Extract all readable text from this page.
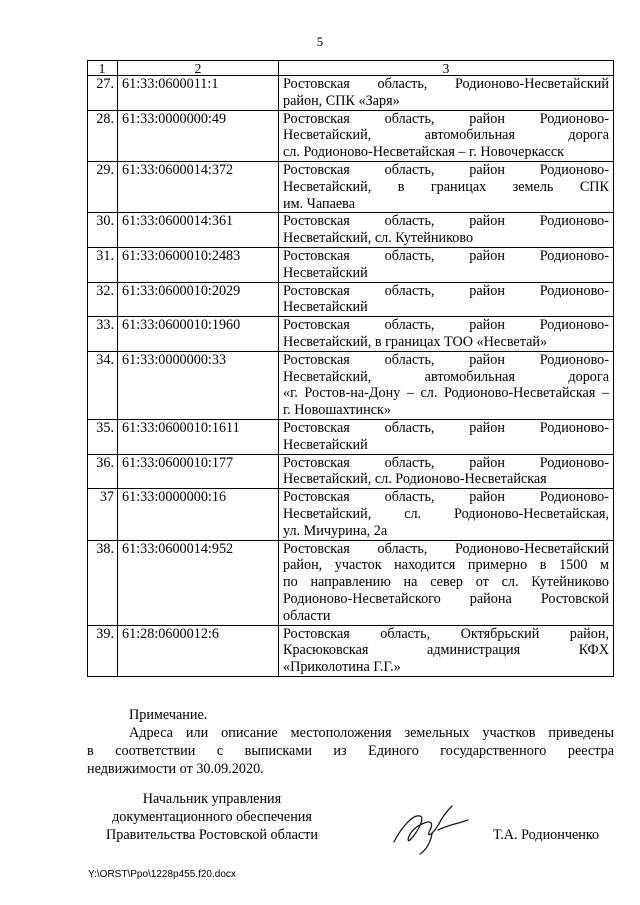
5
1	2	3
27.	61:33:0600011:1	Ростовская область, Родионово-Несветайский
район, СПК «Заря»

28.	61:33:0000000:49	Ростовская область, район Родионово-
Несветайский, автомобильная дорога
сл. Родионово-Несветайская – г. Новочеркасск

29.	61:33:0600014:372	Ростовская область, район Родионово-
Несветайский, в границах земель СПК
им. Чапаева

30.	61:33:0600014:361	Ростовская область, район Родионово-
Несветайский, сл. Кутейниково

31.	61:33:0600010:2483	Ростовская область, район Родионово-
Несветайский

32.	61:33:0600010:2029	Ростовская область, район Родионово-
Несветайский

33.	61:33:0600010:1960	Ростовская область, район Родионово-
Несветайский, в границах ТОО «Несветай»

34.	61:33:0000000:33	Ростовская область, район Родионово-
Несветайский, автомобильная дорога
«г. Ростов-на-Дону – сл. Родионово-Несветайская –
г. Новошахтинск»

35.	61:33:0600010:1611	Ростовская область, район Родионово-
Несветайский

36.	61:33:0600010:177	Ростовская область, район Родионово-
Несветайский, сл. Родионово-Несветайская

37	61:33:0000000:16	Ростовская область, район Родионово-
Несветайский, сл. Родионово-Несветайская,
ул. Мичурина, 2а

38.	61:33:0600014:952	Ростовская область, Родионово-Несветайский
район, участок находится примерно в 1500 м
по направлению на север от сл. Кутейниково
Родионово-Несветайского района Ростовской
области

39.	61:28:0600012:6	Ростовская область, Октябрьский район,
Красюковская администрация КФХ
«Приколотина Г.Г.»
Примечание.
Адреса или описание местоположения земельных участков приведены
в соответствии с выписками из Единого государственного реестра
недвижимости от 30.09.2020.
Начальник управления
документационного обеспечения
Правительства Ростовской области	Т.А. Родионченко
Y:\ORST\Ppo\1228p455.f20.docx
